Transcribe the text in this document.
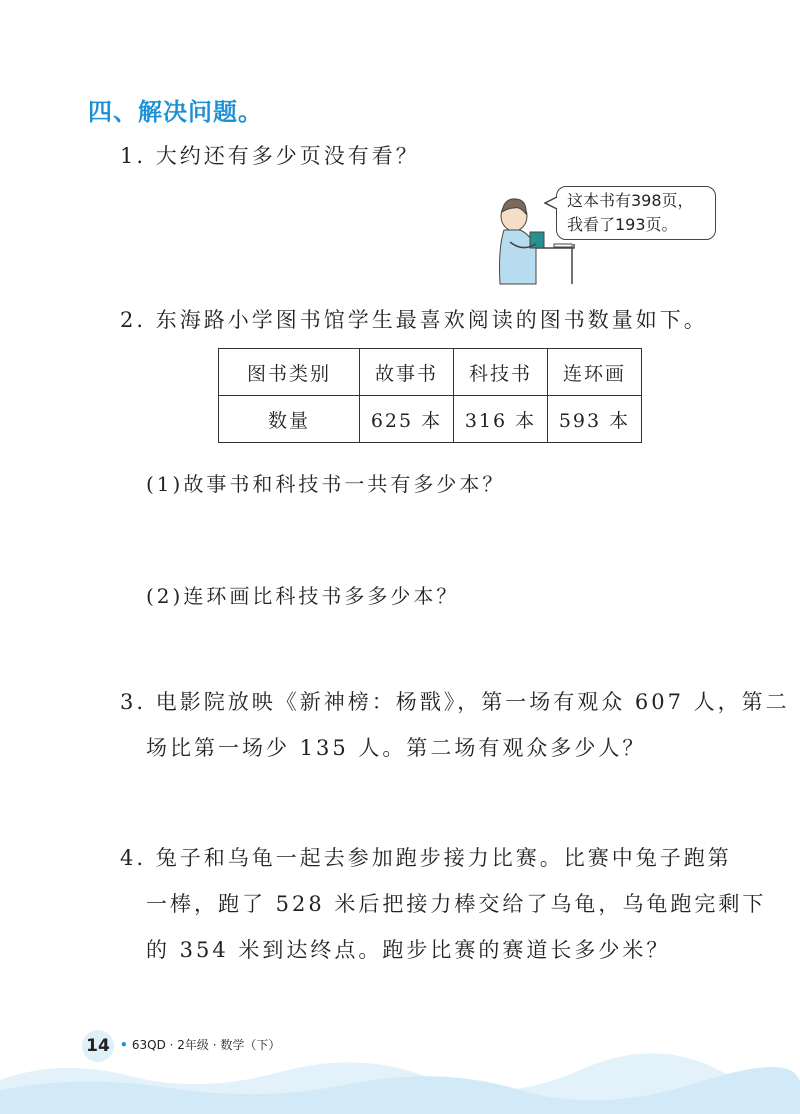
四、解决问题。
1. 大约还有多少页没有看？
这本书有398页，
我看了193页。
2. 东海路小学图书馆学生最喜欢阅读的图书数量如下。
图书类别	故事书	科技书	连环画
数量	625 本	316 本	593 本
(1)故事书和科技书一共有多少本？
(2)连环画比科技书多多少本？
3. 电影院放映《新神榜：杨戬》，第一场有观众 607 人，第二
场比第一场少 135 人。第二场有观众多少人？
4. 兔子和乌龟一起去参加跑步接力比赛。比赛中兔子跑第
一棒，跑了 528 米后把接力棒交给了乌龟，乌龟跑完剩下
的 354 米到达终点。跑步比赛的赛道长多少米？
14 • 63QD · 2年级 · 数学（下）
